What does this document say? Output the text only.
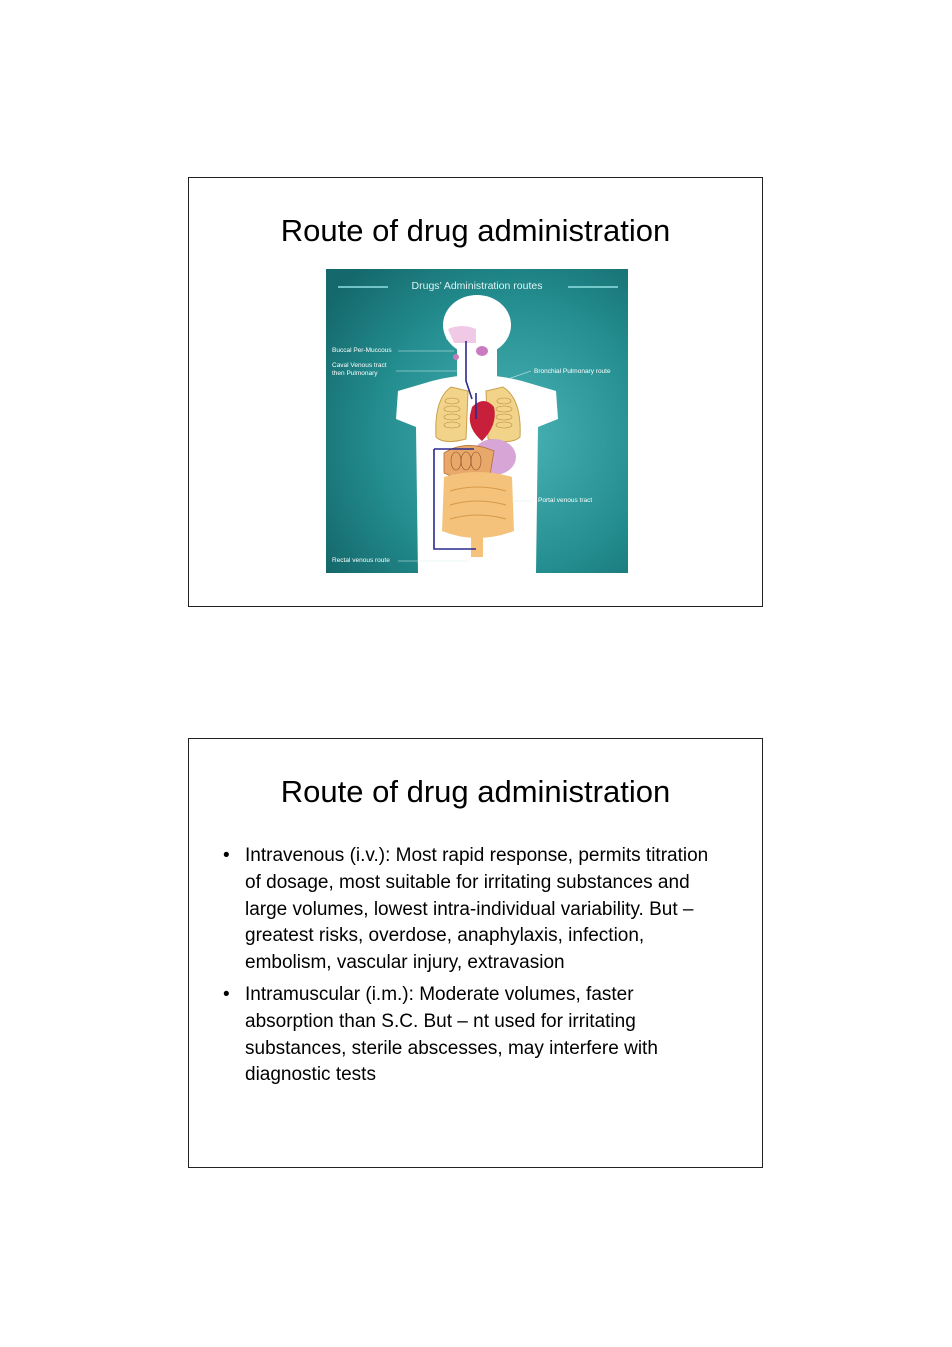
Route of drug administration
Drugs’ Administration routes
Buccal Per-Muccous
Caval Venous tract
then Pulmonary	Bronchial Pulmonary route
Portal venous tract
Rectal venous route
Route of drug administration
• Intravenous (i.v.): Most rapid response, permits titration of dosage, most suitable for irritating substances and large volumes, lowest intra-individual variability. But – greatest risks, overdose, anaphylaxis, infection, embolism, vascular injury, extravasion
• Intramuscular (i.m.): Moderate volumes, faster absorption than S.C. But – nt used for irritating substances, sterile abscesses, may interfere with diagnostic tests
